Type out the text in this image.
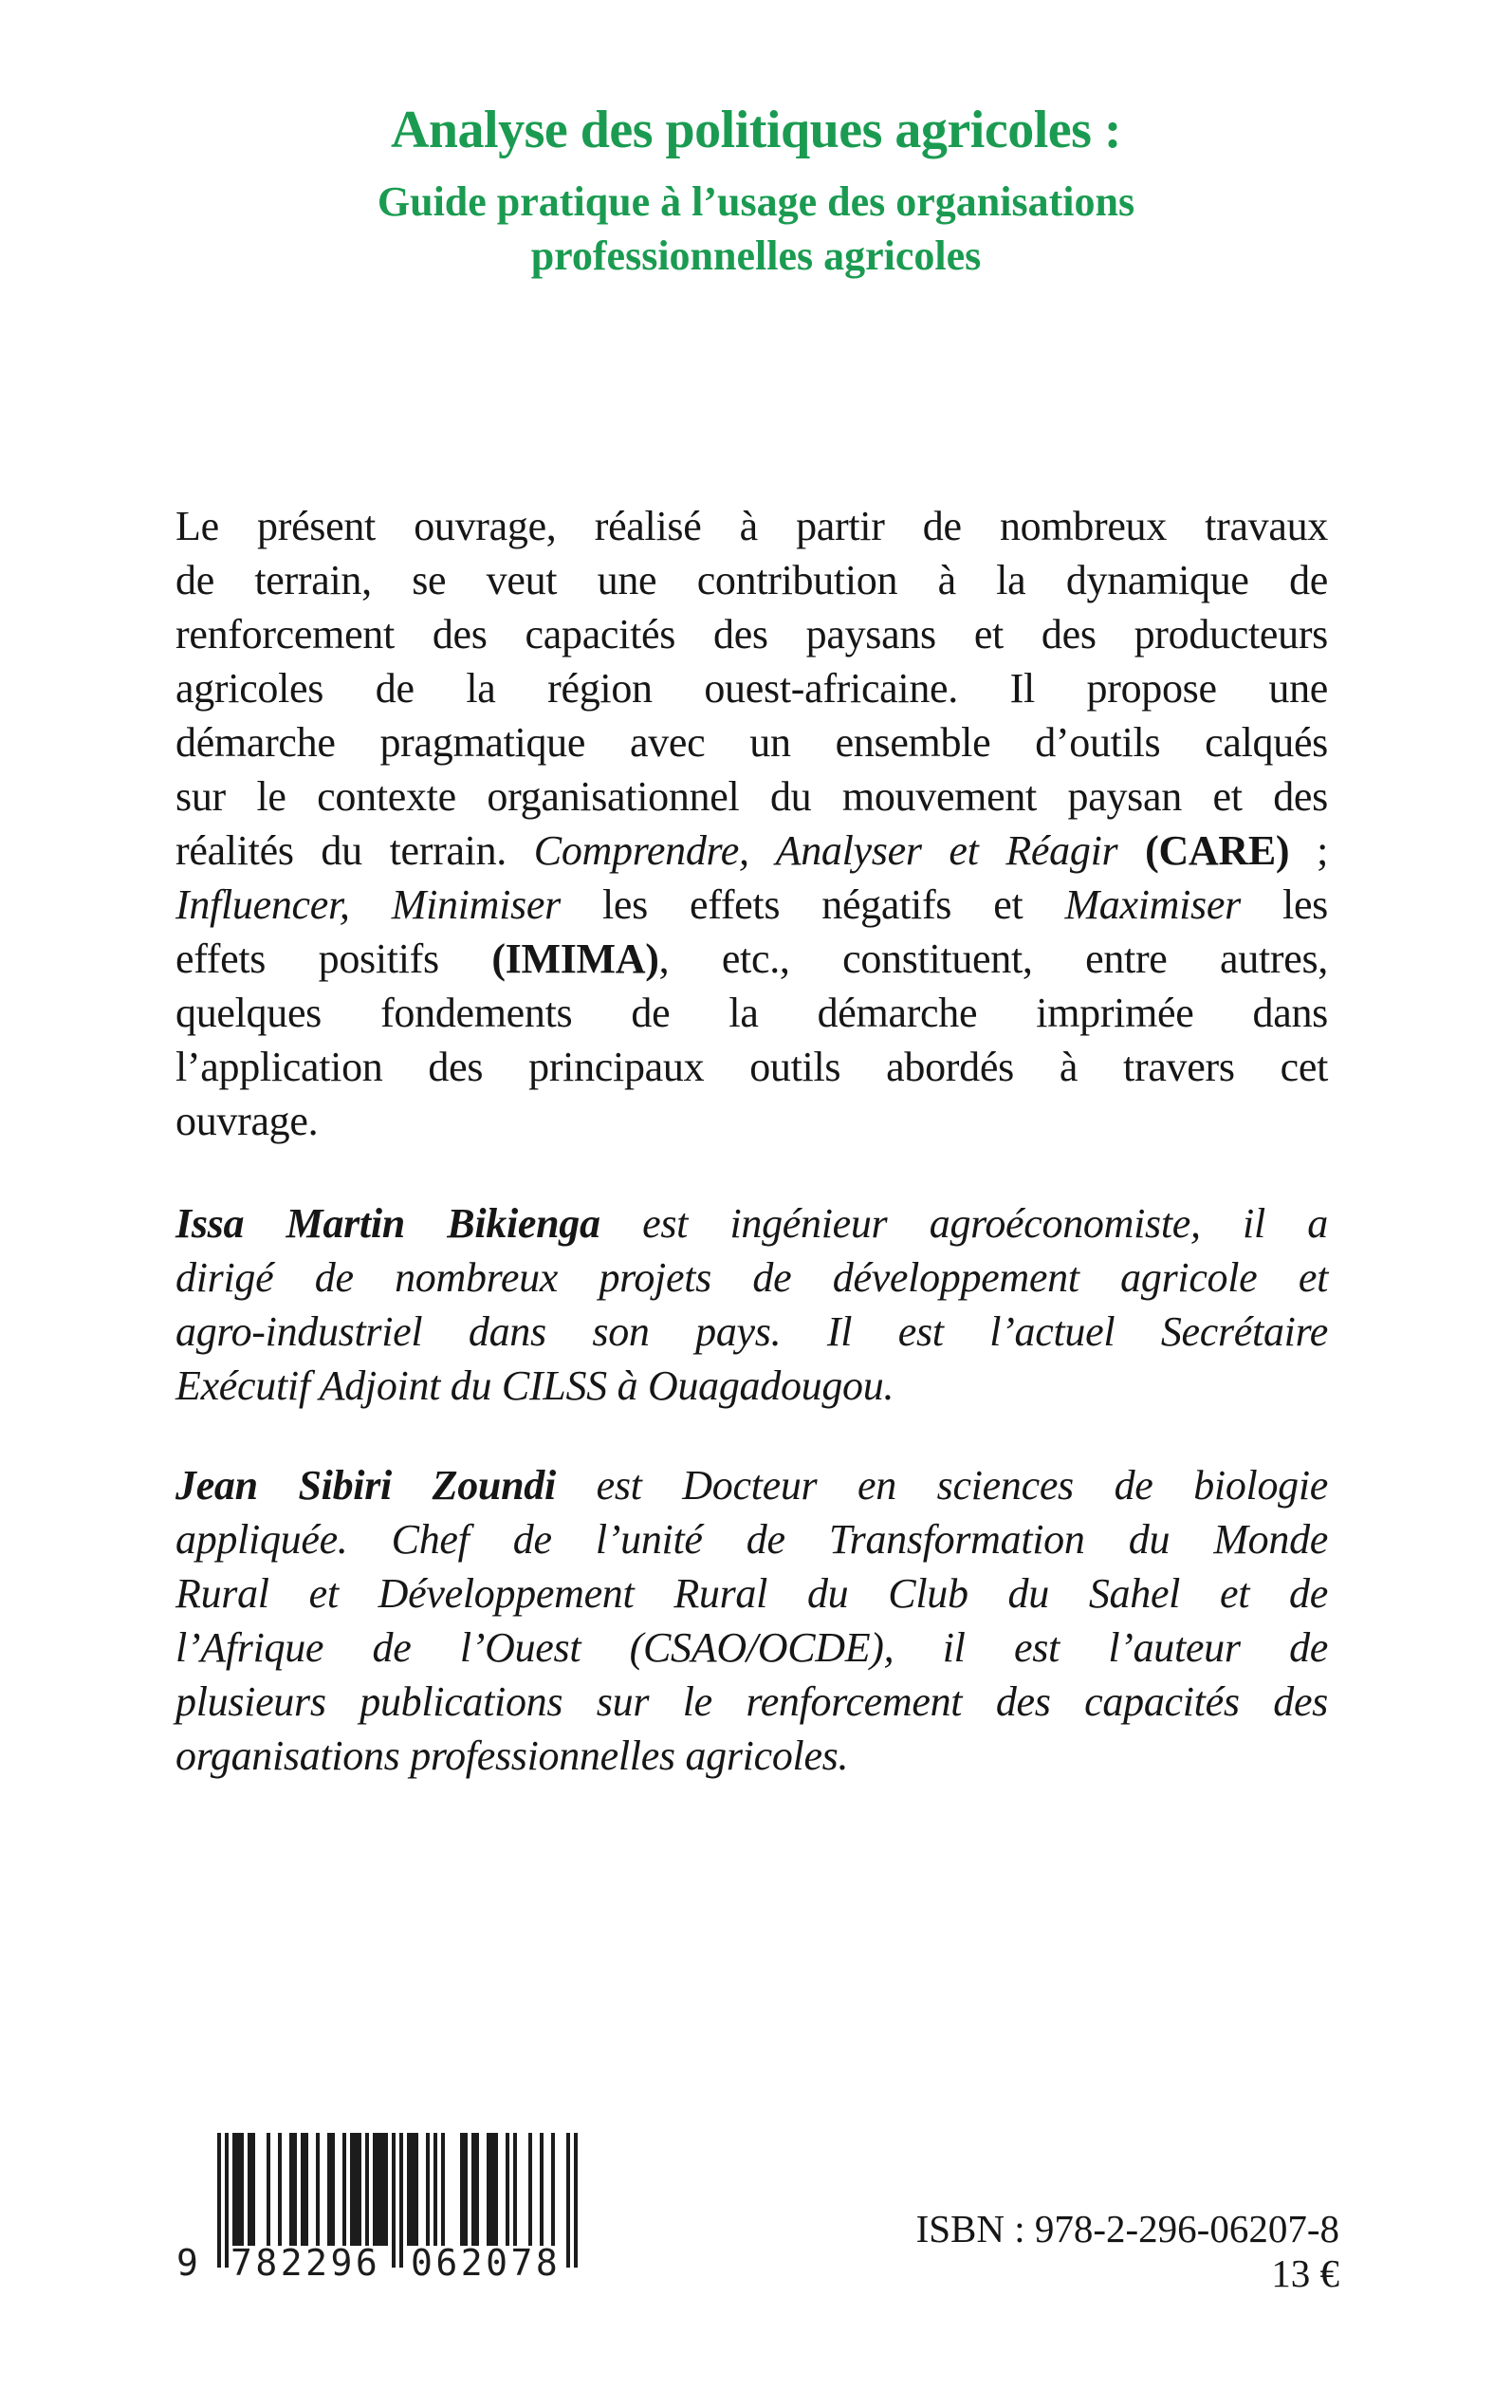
Analyse des politiques agricoles :
Guide pratique à l’usage des organisations
professionnelles agricoles
Le présent ouvrage, réalisé à partir de nombreux travaux
de terrain, se veut une contribution à la dynamique de
renforcement des capacités des paysans et des producteurs
agricoles de la région ouest-africaine. Il propose une
démarche pragmatique avec un ensemble d’outils calqués
sur le contexte organisationnel du mouvement paysan et des
réalités du terrain. Comprendre, Analyser et Réagir (CARE) ;
Influencer, Minimiser les effets négatifs et Maximiser les
effets positifs (IMIMA), etc., constituent, entre autres,
quelques fondements de la démarche imprimée dans
l’application des principaux outils abordés à travers cet
ouvrage.
Issa Martin Bikienga est ingénieur agroéconomiste, il a
dirigé de nombreux projets de développement agricole et
agro-industriel dans son pays. Il est l’actuel Secrétaire
Exécutif Adjoint du CILSS à Ouagadougou.
Jean Sibiri Zoundi est Docteur en sciences de biologie
appliquée. Chef de l’unité de Transformation du Monde
Rural et Développement Rural du Club du Sahel et de
l’Afrique de l’Ouest (CSAO/OCDE), il est l’auteur de
plusieurs publications sur le renforcement des capacités des
organisations professionnelles agricoles.
9 782296 062078
ISBN : 978-2-296-06207-8
13 €
